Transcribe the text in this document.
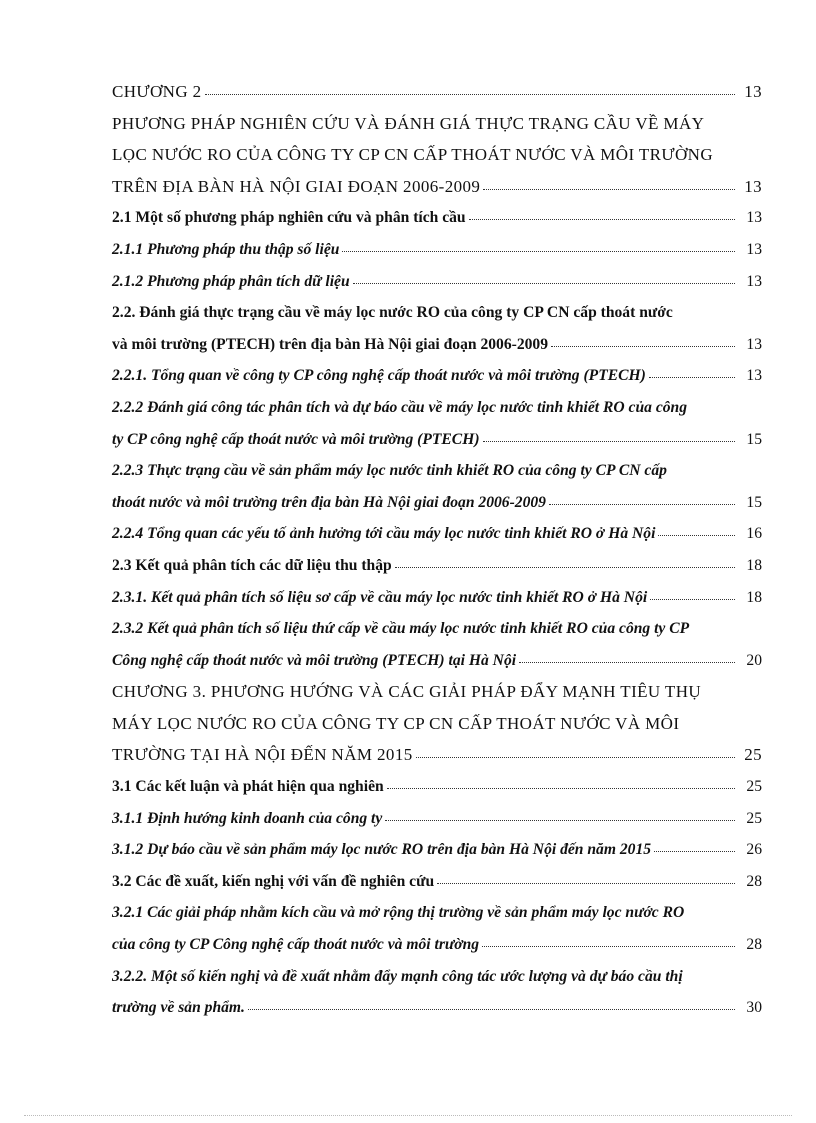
CHƯƠNG 2	13
PHƯƠNG PHÁP NGHIÊN CỨU VÀ ĐÁNH GIÁ THỰC TRẠNG CẦU VỀ MÁY
LỌC NƯỚC RO CỦA CÔNG TY CP CN CẤP THOÁT NƯỚC VÀ MÔI TRƯỜNG
TRÊN ĐỊA BÀN HÀ NỘI GIAI ĐOẠN 2006-2009	13
2.1 Một số phương pháp nghiên cứu và phân tích cầu	13
2.1.1 Phương pháp thu thập số liệu	13
2.1.2 Phương pháp phân tích dữ liệu	13
2.2. Đánh giá thực trạng cầu về máy lọc nước RO của công ty CP CN cấp thoát nước
và môi trường (PTECH) trên địa bàn Hà Nội giai đoạn 2006-2009	13
2.2.1. Tổng quan về công ty CP công nghệ cấp thoát nước và môi trường (PTECH)	13
2.2.2 Đánh giá công tác phân tích và dự báo cầu về máy lọc nước tinh khiết RO của công
ty CP công nghệ cấp thoát nước và môi trường (PTECH)	15
2.2.3 Thực trạng cầu về sản phẩm máy lọc nước tinh khiết RO của công ty CP CN cấp
thoát nước và môi trường trên địa bàn Hà Nội giai đoạn 2006-2009	15
2.2.4 Tổng quan các yếu tố ảnh hưởng tới cầu máy lọc nước tinh khiết RO ở Hà Nội	16
2.3 Kết quả phân tích các dữ liệu thu thập	18
2.3.1. Kết quả phân tích số liệu sơ cấp về cầu máy lọc nước tinh khiết RO ở Hà Nội	18
2.3.2 Kết quả phân tích số liệu thứ cấp về cầu máy lọc nước tinh khiết RO của công ty CP
Công nghệ cấp thoát nước và môi trường (PTECH) tại Hà Nội	20
CHƯƠNG 3. PHƯƠNG HƯỚNG VÀ CÁC GIẢI PHÁP ĐẨY MẠNH TIÊU THỤ
MÁY LỌC NƯỚC RO CỦA CÔNG TY CP CN CẤP THOÁT NƯỚC VÀ MÔI
TRƯỜNG TẠI HÀ NỘI ĐẾN NĂM 2015	25
3.1 Các kết luận và phát hiện qua nghiên	25
3.1.1 Định hướng kinh doanh của công ty	25
3.1.2 Dự báo cầu về sản phẩm máy lọc nước RO trên địa bàn Hà Nội đến năm 2015	26
3.2 Các đề xuất, kiến nghị với vấn đề nghiên cứu	28
3.2.1 Các giải pháp nhằm kích cầu và mở rộng thị trường về sản phẩm máy lọc nước RO
của công ty CP Công nghệ cấp thoát nước và môi trường	28
3.2.2. Một số kiến nghị và đề xuất nhằm đẩy mạnh công tác ước lượng và dự báo cầu thị
trường về sản phẩm.	30
